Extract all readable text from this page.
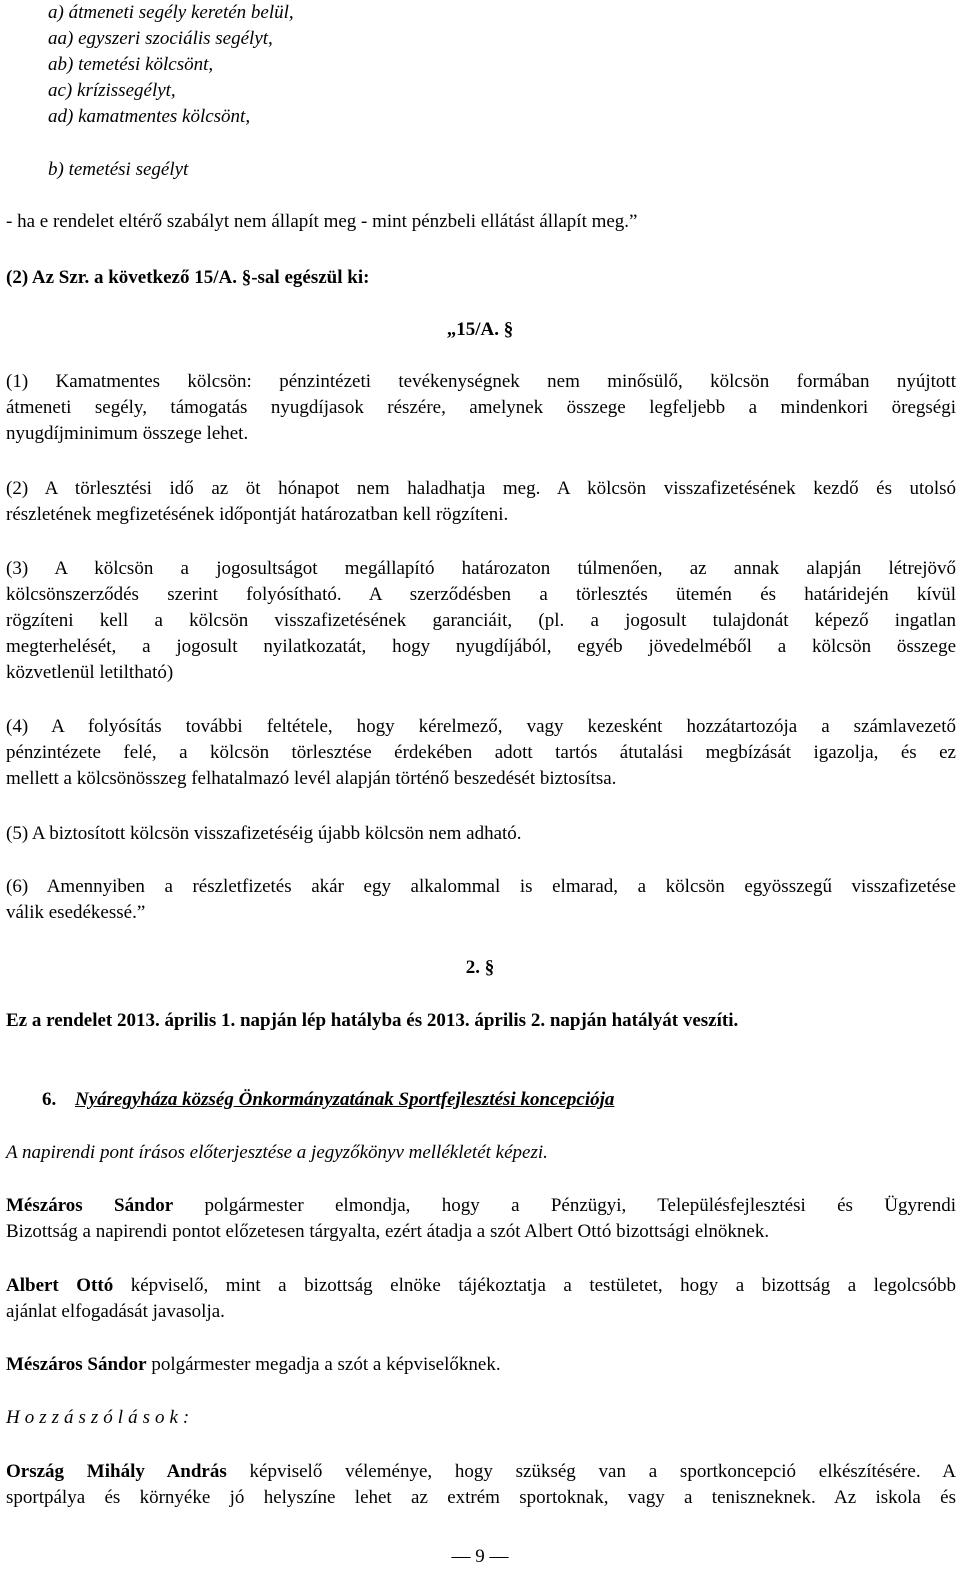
a) átmeneti segély keretén belül,

aa) egyszeri szociális segélyt,

ab) temetési kölcsönt,

ac) krízissegélyt,

ad) kamatmentes kölcsönt,

b) temetési segélyt

- ha e rendelet eltérő szabályt nem állapít meg - mint pénzbeli ellátást állapít meg.”

(2) Az Szr. a következő 15/A. §-sal egészül ki:

„15/A. §

(1) Kamatmentes kölcsön: pénzintézeti tevékenységnek nem minősülő, kölcsön formában nyújtott

átmeneti segély, támogatás nyugdíjasok részére, amelynek összege legfeljebb a mindenkori öregségi

nyugdíjminimum összege lehet.

(2) A törlesztési idő az öt hónapot nem haladhatja meg. A kölcsön visszafizetésének kezdő és utolsó

részletének megfizetésének időpontját határozatban kell rögzíteni.

(3) A kölcsön a jogosultságot megállapító határozaton túlmenően, az annak alapján létrejövő

kölcsönszerződés szerint folyósítható. A szerződésben a törlesztés ütemén és határidején kívül

rögzíteni kell a kölcsön visszafizetésének garanciáit, (pl. a jogosult tulajdonát képező ingatlan

megterhelését, a jogosult nyilatkozatát, hogy nyugdíjából, egyéb jövedelméből a kölcsön összege

közvetlenül letiltható)

(4) A folyósítás további feltétele, hogy kérelmező, vagy kezesként hozzátartozója a számlavezető

pénzintézete felé, a kölcsön törlesztése érdekében adott tartós átutalási megbízását igazolja, és ez

mellett a kölcsönösszeg felhatalmazó levél alapján történő beszedését biztosítsa.

(5) A biztosított kölcsön visszafizetéséig újabb kölcsön nem adható.

(6) Amennyiben a részletfizetés akár egy alkalommal is elmarad, a kölcsön egyösszegű visszafizetése

válik esedékessé.”

2. §

Ez a rendelet 2013. április 1. napján lép hatályba és 2013. április 2. napján hatályát veszíti.

6. Nyáregyháza község Önkormányzatának Sportfejlesztési koncepciója

A napirendi pont írásos előterjesztése a jegyzőkönyv mellékletét képezi.

Mészáros Sándor polgármester elmondja, hogy a Pénzügyi, Településfejlesztési és Ügyrendi

Bizottság a napirendi pontot előzetesen tárgyalta, ezért átadja a szót Albert Ottó bizottsági elnöknek.

Albert Ottó képviselő, mint a bizottság elnöke tájékoztatja a testületet, hogy a bizottság a legolcsóbb

ajánlat elfogadását javasolja.

Mészáros Sándor polgármester megadja a szót a képviselőknek.

Hozzászólások:

Ország Mihály András képviselő véleménye, hogy szükség van a sportkoncepció elkészítésére. A

sportpálya és környéke jó helyszíne lehet az extrém sportoknak, vagy a teniszneknek. Az iskola és

— 9 —
